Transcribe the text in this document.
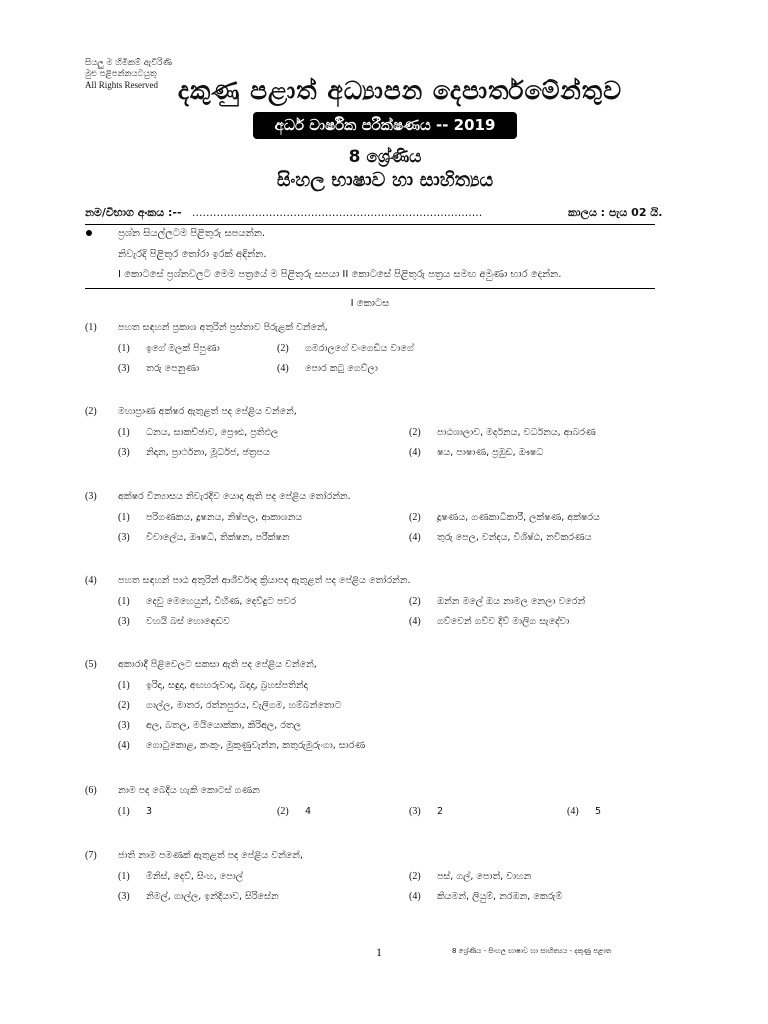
සියලු ම හිමිකම් ඇවිරිණි
මුළු පළිපන්නයටයුතු
All Rights Reserved දකුණු පළාත් අධ්‍යාපන දෙපාර්තමේන්තුව
අර්ධ වාර්ෂික පරීක්ෂණය -- 2019
8 ශ්‍රේණිය
සිංහල භාෂාව හා සාහිත්‍යය
නම/විභාග අංකය :-- ...................................................................................	කාලය : පැය 02 යි.
ප්‍රශ්න සියල්ලටම පිළිතුරු සපයන්න.
නිවැරදි පිළිතුර තෝරා ඉරක් අඳින්න.
I කොටසේ ප්‍රශ්නවලට මෙම පත්‍රයේ ම පිළිතුරු සපයා II කොටසේ පිළිතුරු පත්‍රය සමඟ අමුණා භාර දෙන්න.
I කොටස
(1) පහත සඳහන් ප්‍රකාශ අතුරින් ප්‍රස්තාව පිරුළක් වන්නේ,
(1) ඉගේ මලක් පිපුණා	(2) ගමරාලගේ වංගෙඩිය වාගේ
(3) තරු පෙනුණා	(4) පොර කටු ගෙව්ලා
(2) මහාප්‍රාණ අක්ෂර ඇතුළත් පද පේළිය වන්නේ,
(1) ධනය, සාකච්ඡාව, ප්‍රෞඪ, ප්‍රතිඵල	(2) පාඨශාලාව, මර්දනය, වර්ධනය, ආබරණ
(3) නිදාන, ප්‍රාර්ථනා, මූර්ධජ, ඡත්‍රපය	(4) ෂය, පාෂාණ, ප්‍රඹුඩ, ඖෂධ
(3) අක්ෂර වින්‍යාසය නිවැරදිව යොදා ඇති පද පේළිය තෝරන්න.
(1) පරිගණකය, දූෂනය, නිෂ්පල, ආකාශනය	(2) දූෂණය, ගණකාධිකාරී, ලක්ෂණ, අක්ෂරය
(3) විවාලේය, ඖෂධි, තික්ෂන, පරීක්ෂන	(4) තුරු පෙල, වන්දය, විශිෂ්ඨ, නවීකරණය
(4) පහත සඳහන් පාඨ අතුරින් ආශීර්වාද ක්‍රියාපද ඇතුළත් පද පේළිය තෝරන්න.
(1) දෙවු මෙහෙයුන්, විහිණ, දෙව්දුට පවර	(2) ඔන්න මලේ ඔය නාමල නෙලා වරෙන්
(3) වහයි බස් හොඳොඬව	(4) ගව්වෙන් ගව්ව දිව් මාලිග සැදේවා
(5) අකාරාදී පිළිවෙලට සකසා ඇති පද පේළිය වන්නේ,
(1) ඉරිදා, සඳුදා, අඟහරුවාදා, බදාදා, බ්‍රහස්පතින්දා
(2) ගාල්ල, මාතර, රත්නපුරය, වැලිගම, හම්බන්තොට
(3) අල, බතල, මයියොක්කා, කිරිඅල, රතල
(4) ගොටුකොළ, කංකුං, මුකුණුවැන්න, කතුරුමුරුංගා, සාරණ
(6) නාම පද බෙදිය හැකි කොටස් ගණන
(1) 3	(2) 4	(3) 2	(4) 5
(7) ජාති නාම පමණක් ඇතුළත් පද පේළිය වන්නේ,
(1) මිනිස්, දෙව්, සිංහ, පොල්	(2) පස්, ගල්, පොත්, වාහන
(3) නිමල්, ගාල්ල, ඉන්දියාව, සිරිසේන	(4) කියමන්, ලියුම්, නරඹන, කෙරුම්
1	8 ශ්‍රේණිය - සිංහල භාෂාව හා සාහිත්‍යය - දකුණු පළාත
